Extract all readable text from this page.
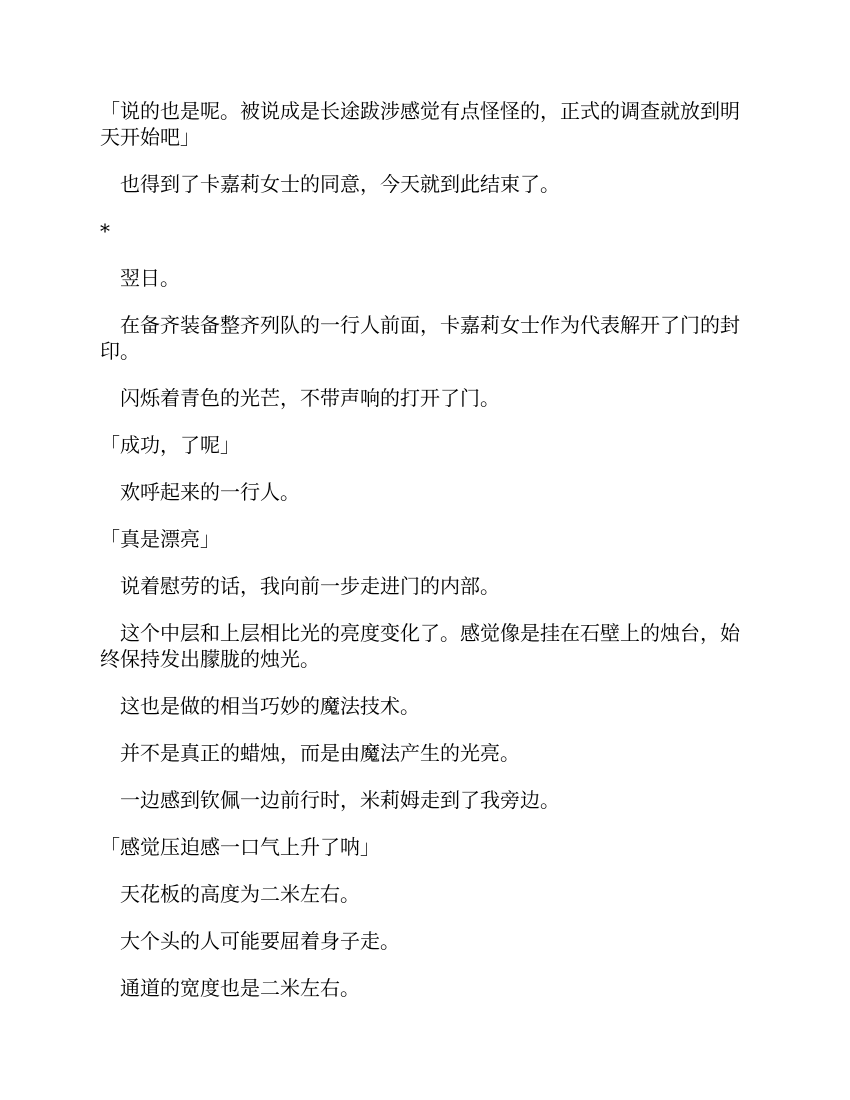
「说的也是呢。被说成是长途跋涉感觉有点怪怪的，正式的调查就放到明天开始吧」

也得到了卡嘉莉女士的同意，今天就到此结束了。

*

翌日。

在备齐装备整齐列队的一行人前面，卡嘉莉女士作为代表解开了门的封印。

闪烁着青色的光芒，不带声响的打开了门。

「成功，了呢」

欢呼起来的一行人。

「真是漂亮」

说着慰劳的话，我向前一步走进门的内部。

这个中层和上层相比光的亮度变化了。感觉像是挂在石壁上的烛台，始终保持发出朦胧的烛光。

这也是做的相当巧妙的魔法技术。

并不是真正的蜡烛，而是由魔法产生的光亮。

一边感到钦佩一边前行时，米莉姆走到了我旁边。

「感觉压迫感一口气上升了呐」

天花板的高度为二米左右。

大个头的人可能要屈着身子走。

通道的宽度也是二米左右。
